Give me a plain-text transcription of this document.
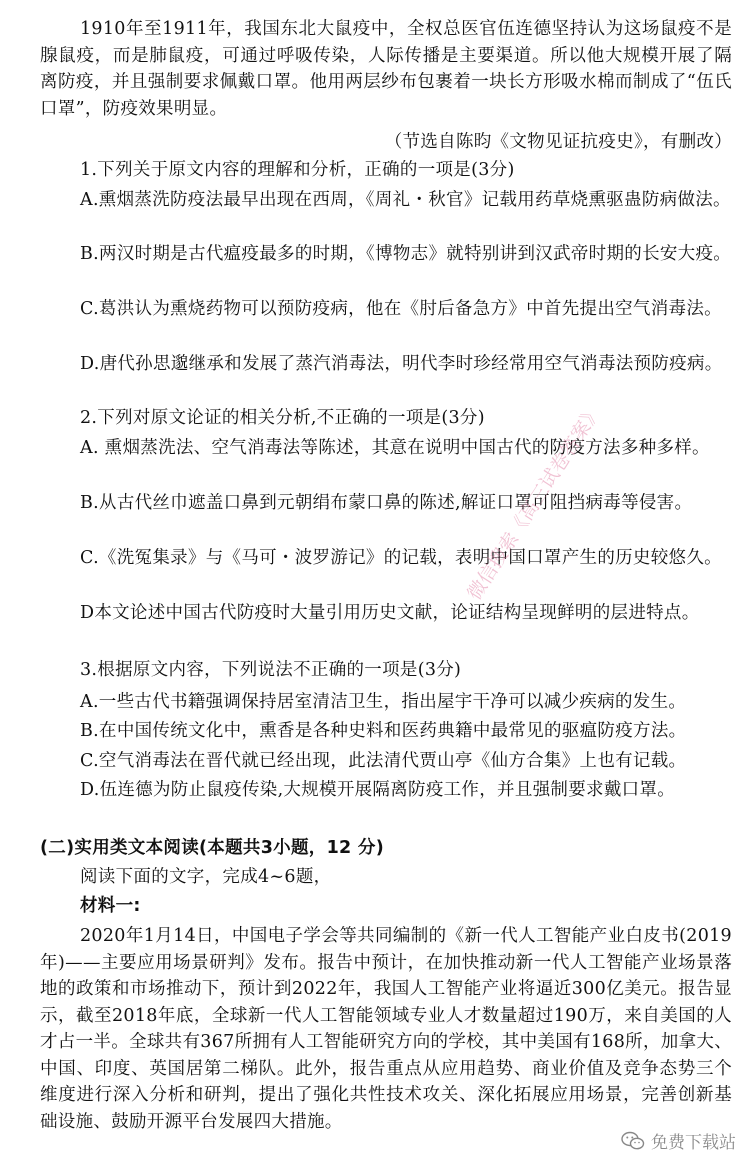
1910年至1911年，我国东北大鼠疫中，全权总医官伍连德坚持认为这场鼠疫不是腺鼠疫，而是肺鼠疫，可通过呼吸传染，人际传播是主要渠道。所以他大规模开展了隔离防疫，并且强制要求佩戴口罩。他用两层纱布包裹着一块长方形吸水棉而制成了“伍氏口罩”，防疫效果明显。
（节选自陈昀《文物见证抗疫史》，有删改）
1.下列关于原文内容的理解和分析，正确的一项是(3分)
A.熏烟蒸洗防疫法最早出现在西周，《周礼・秋官》记载用药草烧熏驱蛊防病做法。
B.两汉时期是古代瘟疫最多的时期，《博物志》就特别讲到汉武帝时期的长安大疫。
C.葛洪认为熏烧药物可以预防疫病，他在《肘后备急方》中首先提出空气消毒法。
D.唐代孙思邈继承和发展了蒸汽消毒法，明代李时珍经常用空气消毒法预防疫病。
2.下列对原文论证的相关分析,不正确的一项是(3分)
A. 熏烟蒸洗法、空气消毒法等陈述，其意在说明中国古代的防疫方法多种多样。
B.从古代丝巾遮盖口鼻到元朝绢布蒙口鼻的陈述,解证口罩可阻挡病毒等侵害。
C.《洗冤集录》与《马可・波罗游记》的记载，表明中国口罩产生的历史较悠久。
D本文论述中国古代防疫时大量引用历史文献，论证结构呈现鲜明的层进特点。
3.根据原文内容，下列说法不正确的一项是(3分)
A.一些古代书籍强调保持居室清洁卫生，指出屋宇干净可以减少疾病的发生。
B.在中国传统文化中，熏香是各种史料和医药典籍中最常见的驱瘟防疫方法。
C.空气消毒法在晋代就已经出现，此法清代贾山亭《仙方合集》上也有记载。
D.伍连德为防止鼠疫传染,大规模开展隔离防疫工作，并且强制要求戴口罩。
(二)实用类文本阅读(本题共3小题，12 分)
阅读下面的文字，完成4~6题，
材料一:
2020年1月14日，中国电子学会等共同编制的《新一代人工智能产业白皮书(2019年)——主要应用场景研判》发布。报告中预计，在加快推动新一代人工智能产业场景落地的政策和市场推动下，预计到2022年，我国人工智能产业将逼近300亿美元。报告显示，截至2018年底，全球新一代人工智能领域专业人才数量超过190万，来自美国的人才占一半。全球共有367所拥有人工智能研究方向的学校，其中美国有168所，加拿大、中国、印度、英国居第二梯队。此外，报告重点从应用趋势、商业价值及竞争态势三个维度进行深入分析和研判，提出了强化共性技术攻关、深化拓展应用场景，完善创新基础设施、鼓励开源平台发展四大措施。
微信搜索《高三试卷答案》
免费下载站
